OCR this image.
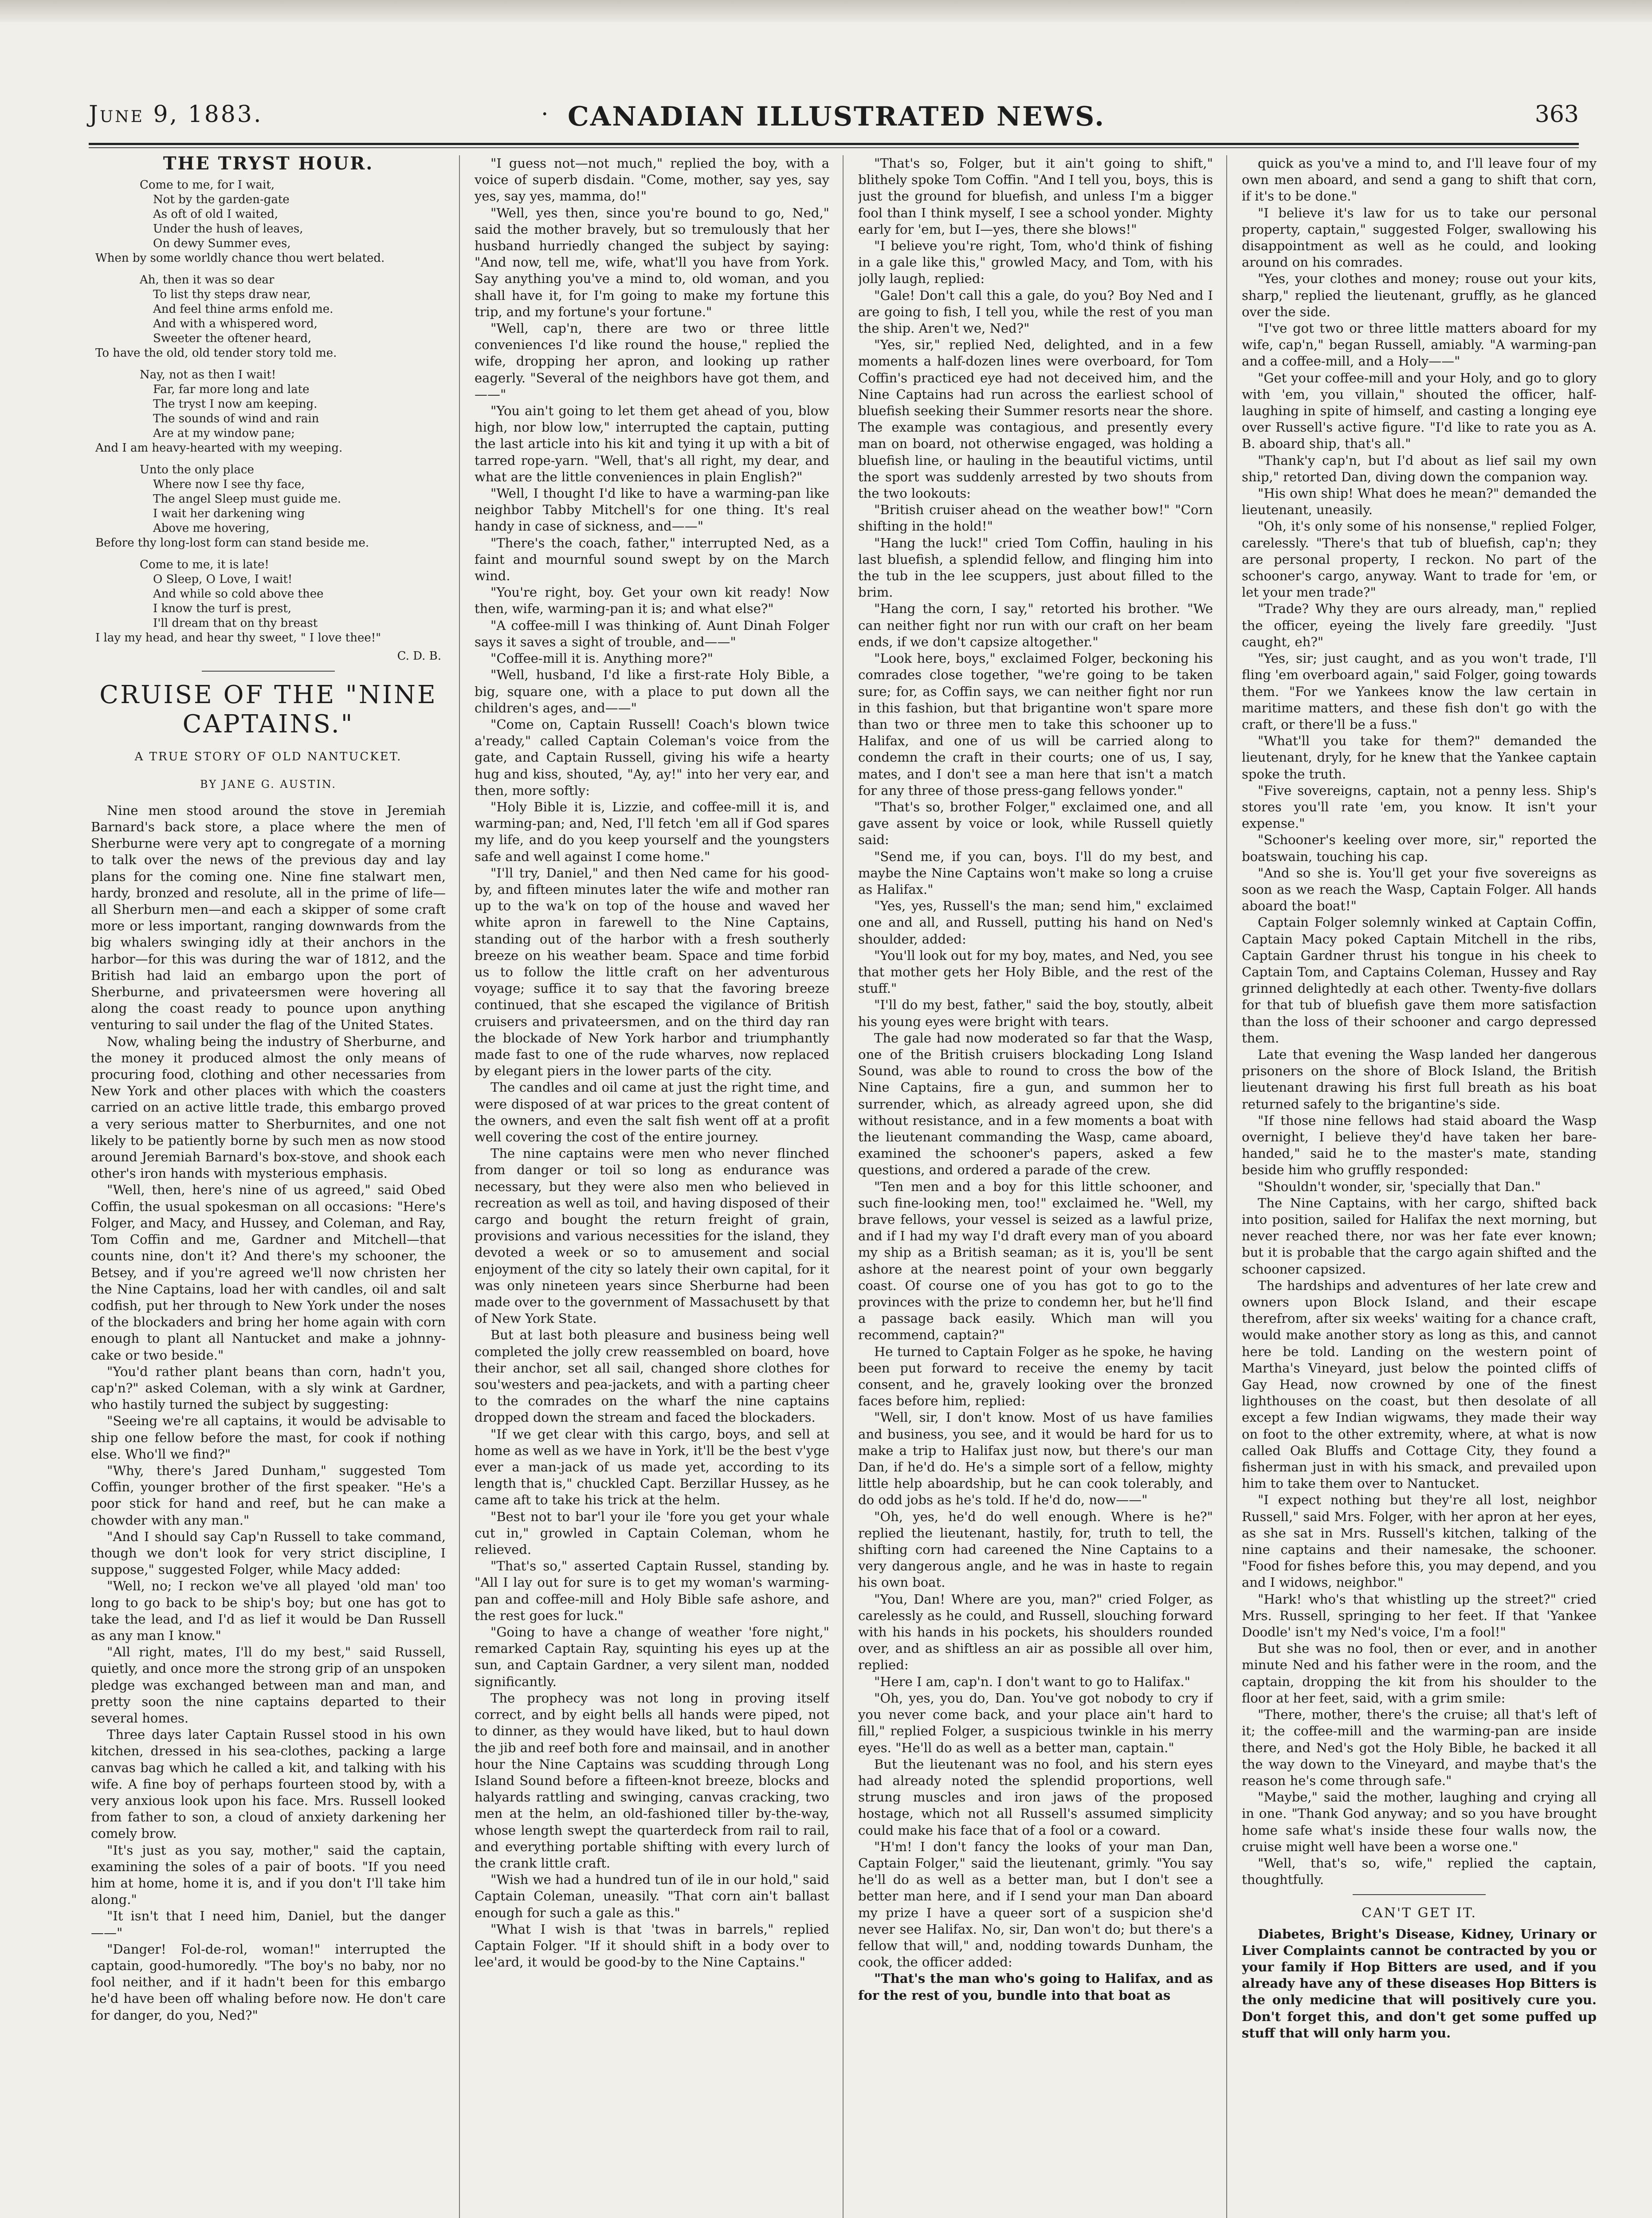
June 9, 1883.	· CANADIAN ILLUSTRATED NEWS.	363
THE TRYST HOUR.
Come to me, for I wait,
Not by the garden-gate
As oft of old I waited,
Under the hush of leaves,
On dewy Summer eves,
When by some worldly chance thou wert belated.
Ah, then it was so dear
To list thy steps draw near,
And feel thine arms enfold me.
And with a whispered word,
Sweeter the oftener heard,
To have the old, old tender story told me.
Nay, not as then I wait!
Far, far more long and late
The tryst I now am keeping.
The sounds of wind and rain
Are at my window pane;
And I am heavy-hearted with my weeping.
Unto the only place
Where now I see thy face,
The angel Sleep must guide me.
I wait her darkening wing
Above me hovering,
Before thy long-lost form can stand beside me.
Come to me, it is late!
O Sleep, O Love, I wait!
And while so cold above thee
I know the turf is prest,
I'll dream that on thy breast
I lay my head, and hear thy sweet, " I love thee!"
C. D. B.
CRUISE OF THE "NINE CAPTAINS."
A TRUE STORY OF OLD NANTUCKET.
BY JANE G. AUSTIN.

Nine men stood around the stove in Jeremiah Barnard's back store, a place where the men of Sherburne were very apt to congregate of a morning to talk over the news of the previous day and lay plans for the coming one. Nine fine stalwart men, hardy, bronzed and resolute, all in the prime of life—all Sherburn men—and each a skipper of some craft more or less important, ranging downwards from the big whalers swinging idly at their anchors in the harbor—for this was during the war of 1812, and the British had laid an embargo upon the port of Sherburne, and privateersmen were hovering all along the coast ready to pounce upon anything venturing to sail under the flag of the United States.

Now, whaling being the industry of Sherburne, and the money it produced almost the only means of procuring food, clothing and other necessaries from New York and other places with which the coasters carried on an active little trade, this embargo proved a very serious matter to Sherburnites, and one not likely to be patiently borne by such men as now stood around Jeremiah Barnard's box-stove, and shook each other's iron hands with mysterious emphasis.

"Well, then, here's nine of us agreed," said Obed Coffin, the usual spokesman on all occasions: "Here's Folger, and Macy, and Hussey, and Coleman, and Ray, Tom Coffin and me, Gardner and Mitchell—that counts nine, don't it? And there's my schooner, the Betsey, and if you're agreed we'll now christen her the Nine Captains, load her with candles, oil and salt codfish, put her through to New York under the noses of the blockaders and bring her home again with corn enough to plant all Nantucket and make a johnny-cake or two beside."

"You'd rather plant beans than corn, hadn't you, cap'n?" asked Coleman, with a sly wink at Gardner, who hastily turned the subject by suggesting:

"Seeing we're all captains, it would be advisable to ship one fellow before the mast, for cook if nothing else. Who'll we find?"

"Why, there's Jared Dunham," suggested Tom Coffin, younger brother of the first speaker. "He's a poor stick for hand and reef, but he can make a chowder with any man."

"And I should say Cap'n Russell to take command, though we don't look for very strict discipline, I suppose," suggested Folger, while Macy added:

"Well, no; I reckon we've all played 'old man' too long to go back to be ship's boy; but one has got to take the lead, and I'd as lief it would be Dan Russell as any man I know."

"All right, mates, I'll do my best," said Russell, quietly, and once more the strong grip of an unspoken pledge was exchanged between man and man, and pretty soon the nine captains departed to their several homes.

Three days later Captain Russel stood in his own kitchen, dressed in his sea-clothes, packing a large canvas bag which he called a kit, and talking with his wife. A fine boy of perhaps fourteen stood by, with a very anxious look upon his face. Mrs. Russell looked from father to son, a cloud of anxiety darkening her comely brow.

"It's just as you say, mother," said the captain, examining the soles of a pair of boots. "If you need him at home, home it is, and if you don't I'll take him along."

"It isn't that I need him, Daniel, but the danger——"

"Danger! Fol-de-rol, woman!" interrupted the captain, good-humoredly. "The boy's no baby, nor no fool neither, and if it hadn't been for this embargo he'd have been off whaling before now. He don't care for danger, do you, Ned?"

"I guess not—not much," replied the boy, with a voice of superb disdain. "Come, mother, say yes, say yes, say yes, mamma, do!"

"Well, yes then, since you're bound to go, Ned," said the mother bravely, but so tremulously that her husband hurriedly changed the subject by saying: "And now, tell me, wife, what'll you have from York. Say anything you've a mind to, old woman, and you shall have it, for I'm going to make my fortune this trip, and my fortune's your fortune."

"Well, cap'n, there are two or three little conveniences I'd like round the house," replied the wife, dropping her apron, and looking up rather eagerly. "Several of the neighbors have got them, and——"

"You ain't going to let them get ahead of you, blow high, nor blow low," interrupted the captain, putting the last article into his kit and tying it up with a bit of tarred rope-yarn. "Well, that's all right, my dear, and what are the little conveniences in plain English?"

"Well, I thought I'd like to have a warming-pan like neighbor Tabby Mitchell's for one thing. It's real handy in case of sickness, and——"

"There's the coach, father," interrupted Ned, as a faint and mournful sound swept by on the March wind.

"You're right, boy. Get your own kit ready! Now then, wife, warming-pan it is; and what else?"

"A coffee-mill I was thinking of. Aunt Dinah Folger says it saves a sight of trouble, and——"

"Coffee-mill it is. Anything more?"

"Well, husband, I'd like a first-rate Holy Bible, a big, square one, with a place to put down all the children's ages, and——"

"Come on, Captain Russell! Coach's blown twice a'ready," called Captain Coleman's voice from the gate, and Captain Russell, giving his wife a hearty hug and kiss, shouted, "Ay, ay!" into her very ear, and then, more softly:

"Holy Bible it is, Lizzie, and coffee-mill it is, and warming-pan; and, Ned, I'll fetch 'em all if God spares my life, and do you keep yourself and the youngsters safe and well against I come home."

"I'll try, Daniel," and then Ned came for his good-by, and fifteen minutes later the wife and mother ran up to the wa'k on top of the house and waved her white apron in farewell to the Nine Captains, standing out of the harbor with a fresh southerly breeze on his weather beam. Space and time forbid us to follow the little craft on her adventurous voyage; suffice it to say that the favoring breeze continued, that she escaped the vigilance of British cruisers and privateersmen, and on the third day ran the blockade of New York harbor and triumphantly made fast to one of the rude wharves, now replaced by elegant piers in the lower parts of the city.

The candles and oil came at just the right time, and were disposed of at war prices to the great content of the owners, and even the salt fish went off at a profit well covering the cost of the entire journey.

The nine captains were men who never flinched from danger or toil so long as endurance was necessary, but they were also men who believed in recreation as well as toil, and having disposed of their cargo and bought the return freight of grain, provisions and various necessities for the island, they devoted a week or so to amusement and social enjoyment of the city so lately their own capital, for it was only nineteen years since Sherburne had been made over to the government of Massachusett by that of New York State.

But at last both pleasure and business being well completed the jolly crew reassembled on board, hove their anchor, set all sail, changed shore clothes for sou'westers and pea-jackets, and with a parting cheer to the comrades on the wharf the nine captains dropped down the stream and faced the blockaders.

"If we get clear with this cargo, boys, and sell at home as well as we have in York, it'll be the best v'yge ever a man-jack of us made yet, according to its length that is," chuckled Capt. Berzillar Hussey, as he came aft to take his trick at the helm.

"Best not to bar'l your ile 'fore you get your whale cut in," growled in Captain Coleman, whom he relieved.

"That's so," asserted Captain Russel, standing by. "All I lay out for sure is to get my woman's warming-pan and coffee-mill and Holy Bible safe ashore, and the rest goes for luck."

"Going to have a change of weather 'fore night," remarked Captain Ray, squinting his eyes up at the sun, and Captain Gardner, a very silent man, nodded significantly.

The prophecy was not long in proving itself correct, and by eight bells all hands were piped, not to dinner, as they would have liked, but to haul down the jib and reef both fore and mainsail, and in another hour the Nine Captains was scudding through Long Island Sound before a fifteen-knot breeze, blocks and halyards rattling and swinging, canvas cracking, two men at the helm, an old-fashioned tiller by-the-way, whose length swept the quarterdeck from rail to rail, and everything portable shifting with every lurch of the crank little craft.

"Wish we had a hundred tun of ile in our hold," said Captain Coleman, uneasily. "That corn ain't ballast enough for such a gale as this."

"What I wish is that 'twas in barrels," replied Captain Folger. "If it should shift in a body over to lee'ard, it would be good-by to the Nine Captains."

"That's so, Folger, but it ain't going to shift," blithely spoke Tom Coffin. "And I tell you, boys, this is just the ground for bluefish, and unless I'm a bigger fool than I think myself, I see a school yonder. Mighty early for 'em, but I—yes, there she blows!"

"I believe you're right, Tom, who'd think of fishing in a gale like this," growled Macy, and Tom, with his jolly laugh, replied:

"Gale! Don't call this a gale, do you? Boy Ned and I are going to fish, I tell you, while the rest of you man the ship. Aren't we, Ned?"

"Yes, sir," replied Ned, delighted, and in a few moments a half-dozen lines were overboard, for Tom Coffin's practiced eye had not deceived him, and the Nine Captains had run across the earliest school of bluefish seeking their Summer resorts near the shore. The example was contagious, and presently every man on board, not otherwise engaged, was holding a bluefish line, or hauling in the beautiful victims, until the sport was suddenly arrested by two shouts from the two lookouts:

"British cruiser ahead on the weather bow!" "Corn shifting in the hold!"

"Hang the luck!" cried Tom Coffin, hauling in his last bluefish, a splendid fellow, and flinging him into the tub in the lee scuppers, just about filled to the brim.

"Hang the corn, I say," retorted his brother. "We can neither fight nor run with our craft on her beam ends, if we don't capsize altogether."

"Look here, boys," exclaimed Folger, beckoning his comrades close together, "we're going to be taken sure; for, as Coffin says, we can neither fight nor run in this fashion, but that brigantine won't spare more than two or three men to take this schooner up to Halifax, and one of us will be carried along to condemn the craft in their courts; one of us, I say, mates, and I don't see a man here that isn't a match for any three of those press-gang fellows yonder."

"That's so, brother Folger," exclaimed one, and all gave assent by voice or look, while Russell quietly said:

"Send me, if you can, boys. I'll do my best, and maybe the Nine Captains won't make so long a cruise as Halifax."

"Yes, yes, Russell's the man; send him," exclaimed one and all, and Russell, putting his hand on Ned's shoulder, added:

"You'll look out for my boy, mates, and Ned, you see that mother gets her Holy Bible, and the rest of the stuff."

"I'll do my best, father," said the boy, stoutly, albeit his young eyes were bright with tears.

The gale had now moderated so far that the Wasp, one of the British cruisers blockading Long Island Sound, was able to round to cross the bow of the Nine Captains, fire a gun, and summon her to surrender, which, as already agreed upon, she did without resistance, and in a few moments a boat with the lieutenant commanding the Wasp, came aboard, examined the schooner's papers, asked a few questions, and ordered a parade of the crew.

"Ten men and a boy for this little schooner, and such fine-looking men, too!" exclaimed he. "Well, my brave fellows, your vessel is seized as a lawful prize, and if I had my way I'd draft every man of you aboard my ship as a British seaman; as it is, you'll be sent ashore at the nearest point of your own beggarly coast. Of course one of you has got to go to the provinces with the prize to condemn her, but he'll find a passage back easily. Which man will you recommend, captain?"

He turned to Captain Folger as he spoke, he having been put forward to receive the enemy by tacit consent, and he, gravely looking over the bronzed faces before him, replied:

"Well, sir, I don't know. Most of us have families and business, you see, and it would be hard for us to make a trip to Halifax just now, but there's our man Dan, if he'd do. He's a simple sort of a fellow, mighty little help aboardship, but he can cook tolerably, and do odd jobs as he's told. If he'd do, now——"

"Oh, yes, he'd do well enough. Where is he?" replied the lieutenant, hastily, for, truth to tell, the shifting corn had careened the Nine Captains to a very dangerous angle, and he was in haste to regain his own boat.

"You, Dan! Where are you, man?" cried Folger, as carelessly as he could, and Russell, slouching forward with his hands in his pockets, his shoulders rounded over, and as shiftless an air as possible all over him, replied:

"Here I am, cap'n. I don't want to go to Halifax."

"Oh, yes, you do, Dan. You've got nobody to cry if you never come back, and your place ain't hard to fill," replied Folger, a suspicious twinkle in his merry eyes. "He'll do as well as a better man, captain."

But the lieutenant was no fool, and his stern eyes had already noted the splendid proportions, well strung muscles and iron jaws of the proposed hostage, which not all Russell's assumed simplicity could make his face that of a fool or a coward.

"H'm! I don't fancy the looks of your man Dan, Captain Folger," said the lieutenant, grimly. "You say he'll do as well as a better man, but I don't see a better man here, and if I send your man Dan aboard my prize I have a queer sort of a suspicion she'd never see Halifax. No, sir, Dan won't do; but there's a fellow that will," and, nodding towards Dunham, the cook, the officer added:

"That's the man who's going to Halifax, and as for the rest of you, bundle into that boat as

quick as you've a mind to, and I'll leave four of my own men aboard, and send a gang to shift that corn, if it's to be done."

"I believe it's law for us to take our personal property, captain," suggested Folger, swallowing his disappointment as well as he could, and looking around on his comrades.

"Yes, your clothes and money; rouse out your kits, sharp," replied the lieutenant, gruffly, as he glanced over the side.

"I've got two or three little matters aboard for my wife, cap'n," began Russell, amiably. "A warming-pan and a coffee-mill, and a Holy——"

"Get your coffee-mill and your Holy, and go to glory with 'em, you villain," shouted the officer, half-laughing in spite of himself, and casting a longing eye over Russell's active figure. "I'd like to rate you as A. B. aboard ship, that's all."

"Thank'y cap'n, but I'd about as lief sail my own ship," retorted Dan, diving down the companion way.

"His own ship! What does he mean?" demanded the lieutenant, uneasily.

"Oh, it's only some of his nonsense," replied Folger, carelessly. "There's that tub of bluefish, cap'n; they are personal property, I reckon. No part of the schooner's cargo, anyway. Want to trade for 'em, or let your men trade?"

"Trade? Why they are ours already, man," replied the officer, eyeing the lively fare greedily. "Just caught, eh?"

"Yes, sir; just caught, and as you won't trade, I'll fling 'em overboard again," said Folger, going towards them. "For we Yankees know the law certain in maritime matters, and these fish don't go with the craft, or there'll be a fuss."

"What'll you take for them?" demanded the lieutenant, dryly, for he knew that the Yankee captain spoke the truth.

"Five sovereigns, captain, not a penny less. Ship's stores you'll rate 'em, you know. It isn't your expense."

"Schooner's keeling over more, sir," reported the boatswain, touching his cap.

"And so she is. You'll get your five sovereigns as soon as we reach the Wasp, Captain Folger. All hands aboard the boat!"

Captain Folger solemnly winked at Captain Coffin, Captain Macy poked Captain Mitchell in the ribs, Captain Gardner thrust his tongue in his cheek to Captain Tom, and Captains Coleman, Hussey and Ray grinned delightedly at each other. Twenty-five dollars for that tub of bluefish gave them more satisfaction than the loss of their schooner and cargo depressed them.

Late that evening the Wasp landed her dangerous prisoners on the shore of Block Island, the British lieutenant drawing his first full breath as his boat returned safely to the brigantine's side.

"If those nine fellows had staid aboard the Wasp overnight, I believe they'd have taken her bare-handed," said he to the master's mate, standing beside him who gruffly responded:

"Shouldn't wonder, sir, 'specially that Dan."

The Nine Captains, with her cargo, shifted back into position, sailed for Halifax the next morning, but never reached there, nor was her fate ever known; but it is probable that the cargo again shifted and the schooner capsized.

The hardships and adventures of her late crew and owners upon Block Island, and their escape therefrom, after six weeks' waiting for a chance craft, would make another story as long as this, and cannot here be told. Landing on the western point of Martha's Vineyard, just below the pointed cliffs of Gay Head, now crowned by one of the finest lighthouses on the coast, but then desolate of all except a few Indian wigwams, they made their way on foot to the other extremity, where, at what is now called Oak Bluffs and Cottage City, they found a fisherman just in with his smack, and prevailed upon him to take them over to Nantucket.

"I expect nothing but they're all lost, neighbor Russell," said Mrs. Folger, with her apron at her eyes, as she sat in Mrs. Russell's kitchen, talking of the nine captains and their namesake, the schooner. "Food for fishes before this, you may depend, and you and I widows, neighbor."

"Hark! who's that whistling up the street?" cried Mrs. Russell, springing to her feet. If that 'Yankee Doodle' isn't my Ned's voice, I'm a fool!"

But she was no fool, then or ever, and in another minute Ned and his father were in the room, and the captain, dropping the kit from his shoulder to the floor at her feet, said, with a grim smile:

"There, mother, there's the cruise; all that's left of it; the coffee-mill and the warming-pan are inside there, and Ned's got the Holy Bible, he backed it all the way down to the Vineyard, and maybe that's the reason he's come through safe."

"Maybe," said the mother, laughing and crying all in one. "Thank God anyway; and so you have brought home safe what's inside these four walls now, the cruise might well have been a worse one."

"Well, that's so, wife," replied the captain, thoughtfully.

CAN'T GET IT.

Diabetes, Bright's Disease, Kidney, Urinary or Liver Complaints cannot be contracted by you or your family if Hop Bitters are used, and if you already have any of these diseases Hop Bitters is the only medicine that will positively cure you. Don't forget this, and don't get some puffed up stuff that will only harm you.
